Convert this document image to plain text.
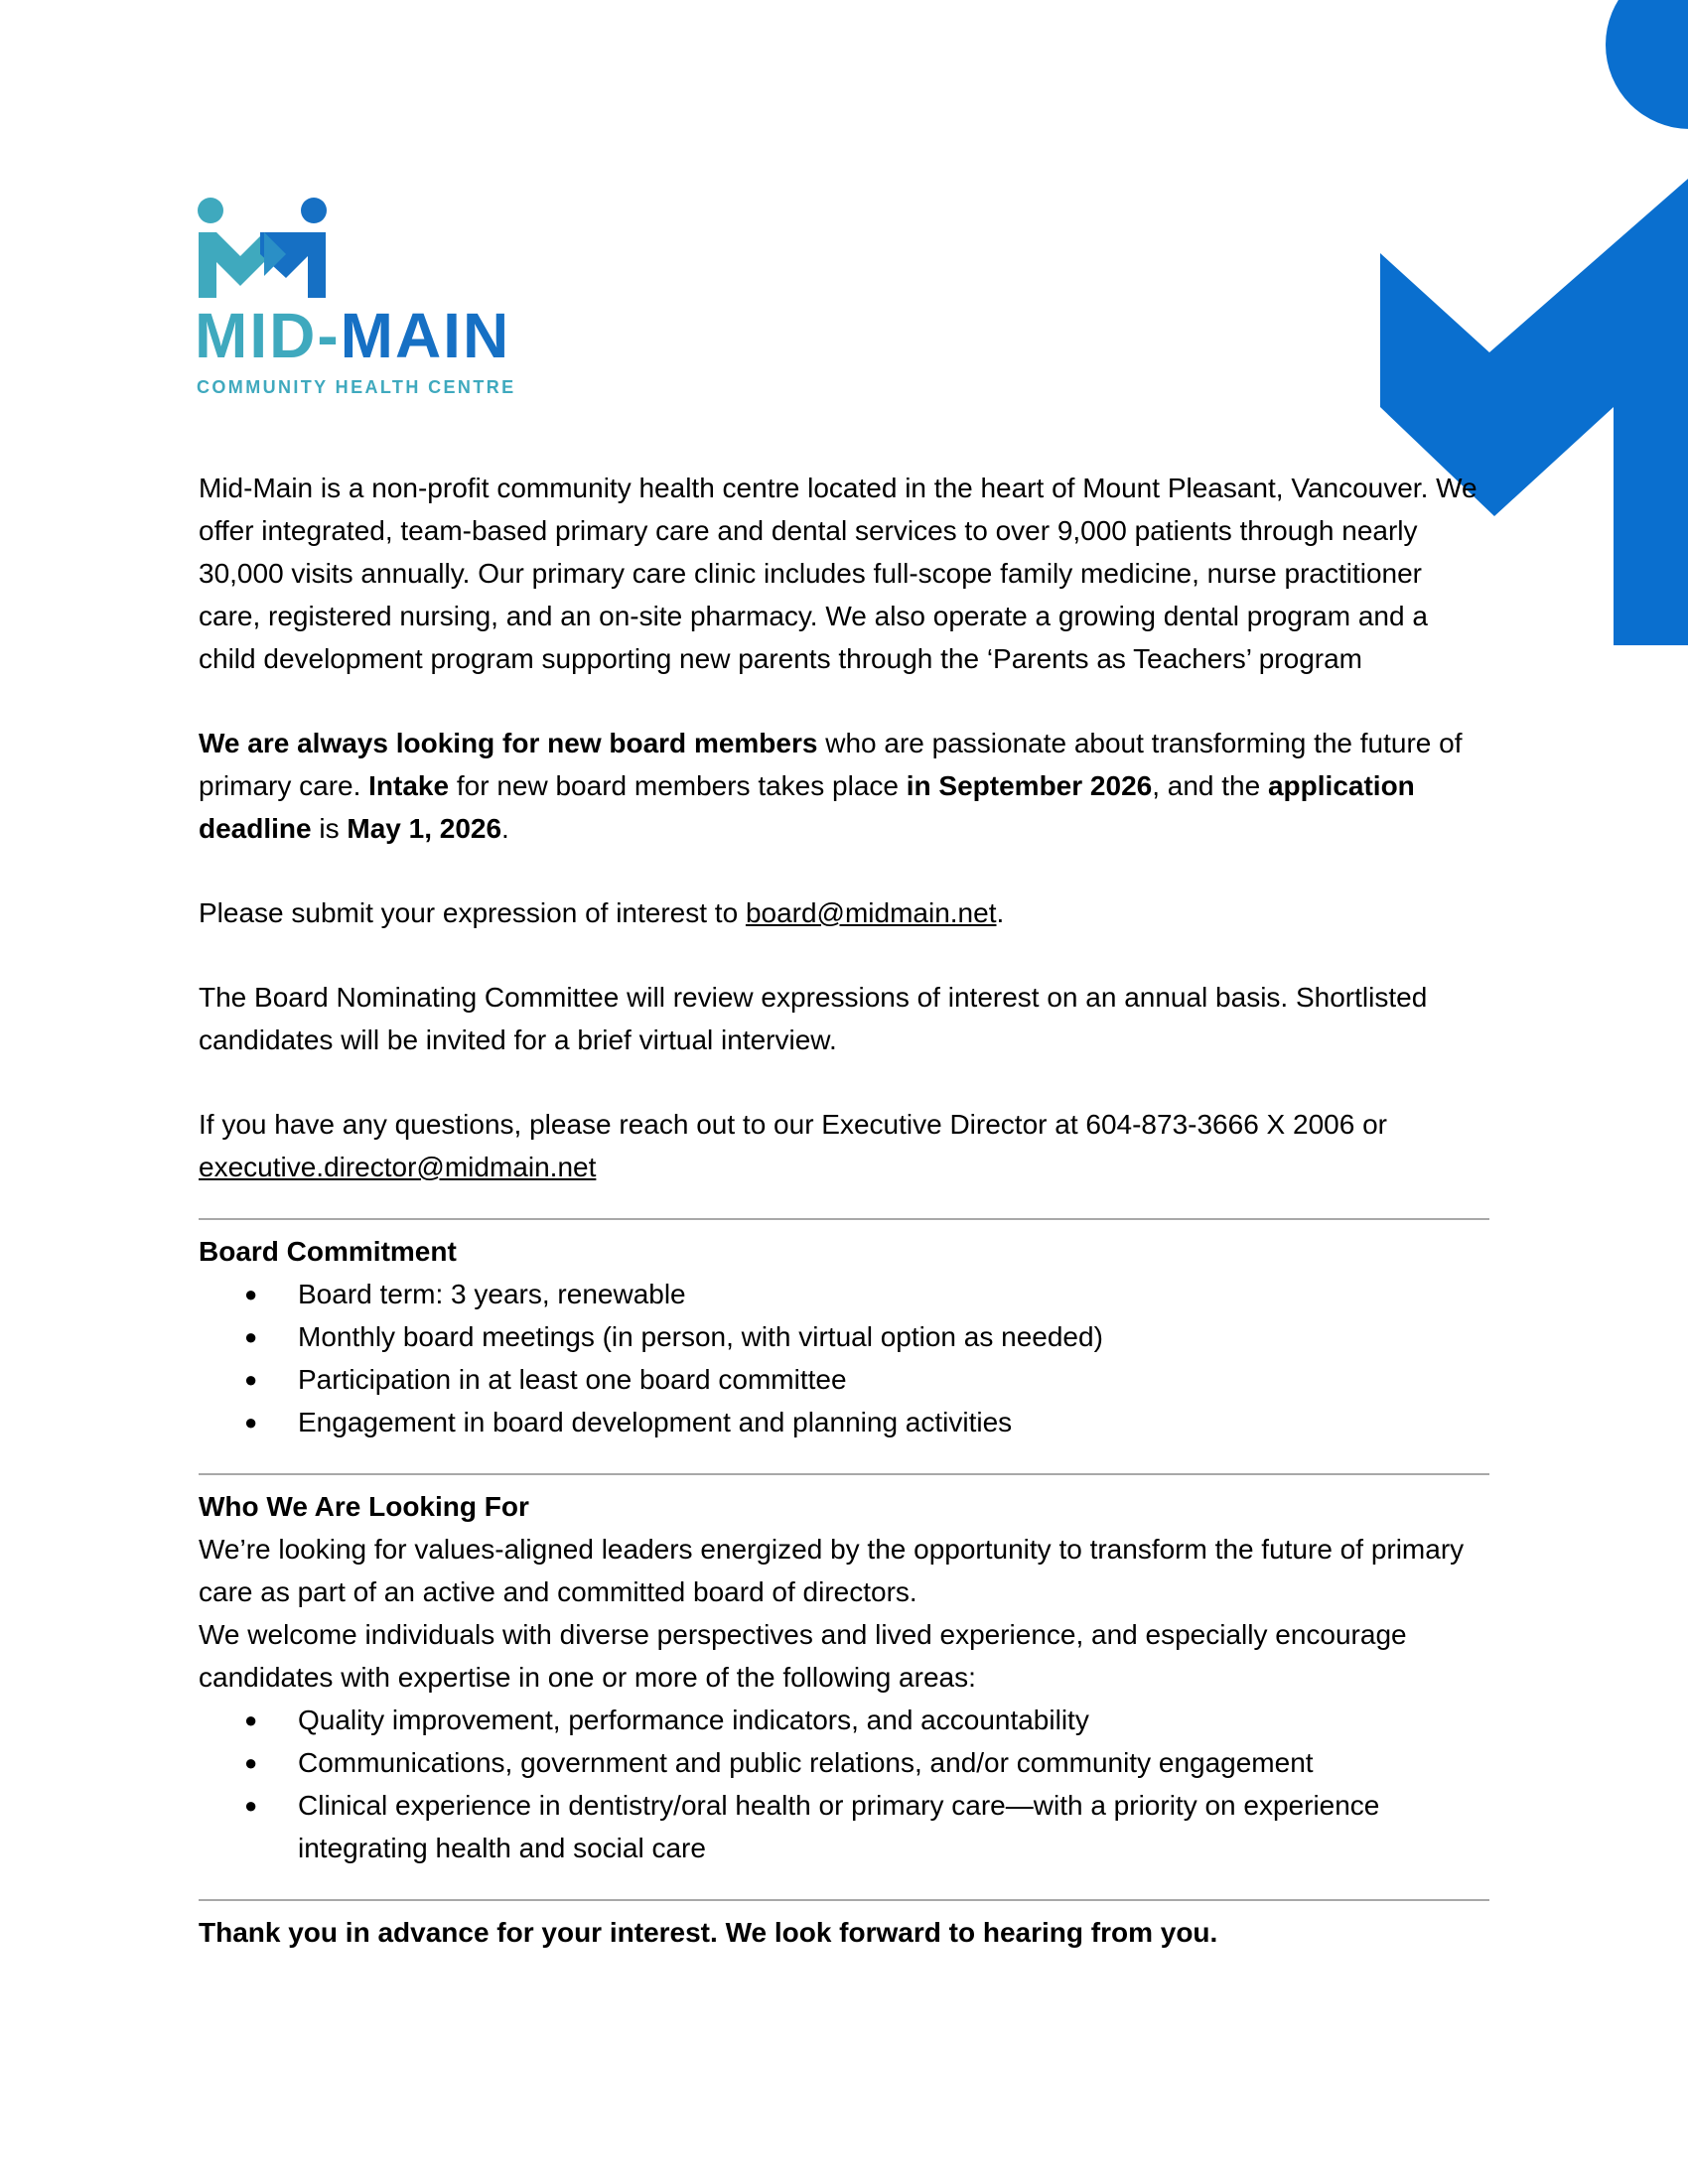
MID-MAIN
COMMUNITY HEALTH CENTRE

Mid-Main is a non-profit community health centre located in the heart of Mount Pleasant, Vancouver. We offer integrated, team-based primary care and dental services to over 9,000 patients through nearly 30,000 visits annually. Our primary care clinic includes full-scope family medicine, nurse practitioner care, registered nursing, and an on-site pharmacy. We also operate a growing dental program and a child development program supporting new parents through the ‘Parents as Teachers’ program

We are always looking for new board members who are passionate about transforming the future of primary care. Intake for new board members takes place in September 2026, and the application deadline is May 1, 2026.

Please submit your expression of interest to board@midmain.net.

The Board Nominating Committee will review expressions of interest on an annual basis. Shortlisted candidates will be invited for a brief virtual interview.

If you have any questions, please reach out to our Executive Director at 604-873-3666 X 2006 or
executive.director@midmain.net

Board Commitment

● Board term: 3 years, renewable
● Monthly board meetings (in person, with virtual option as needed)
● Participation in at least one board committee
● Engagement in board development and planning activities

Who We Are Looking For

We’re looking for values-aligned leaders energized by the opportunity to transform the future of primary care as part of an active and committed board of directors.

We welcome individuals with diverse perspectives and lived experience, and especially encourage candidates with expertise in one or more of the following areas:

● Quality improvement, performance indicators, and accountability
● Communications, government and public relations, and/or community engagement
● Clinical experience in dentistry/oral health or primary care—with a priority on experience integrating health and social care

Thank you in advance for your interest. We look forward to hearing from you.
